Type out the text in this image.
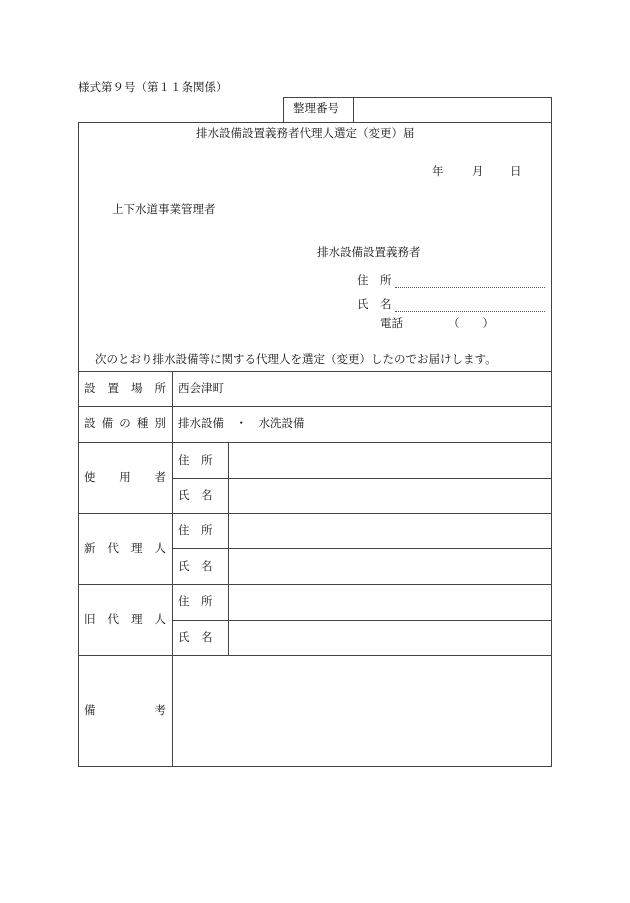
様式第９号（第１１条関係）
整理番号
排水設備設置義務者代理人選定（変更）届
年 月 日
上下水道事業管理者
排水設備設置義務者
住　所
氏　名
電話	（　　）
次のとおり排水設備等に関する代理人を選定（変更）したのでお届けします。
設置場所 西会津町
設備の種別 排水設備　・　水洗設備
使用者
住　所
氏　名
新代理人
住　所
氏　名
旧代理人
住　所
氏　名
備考
